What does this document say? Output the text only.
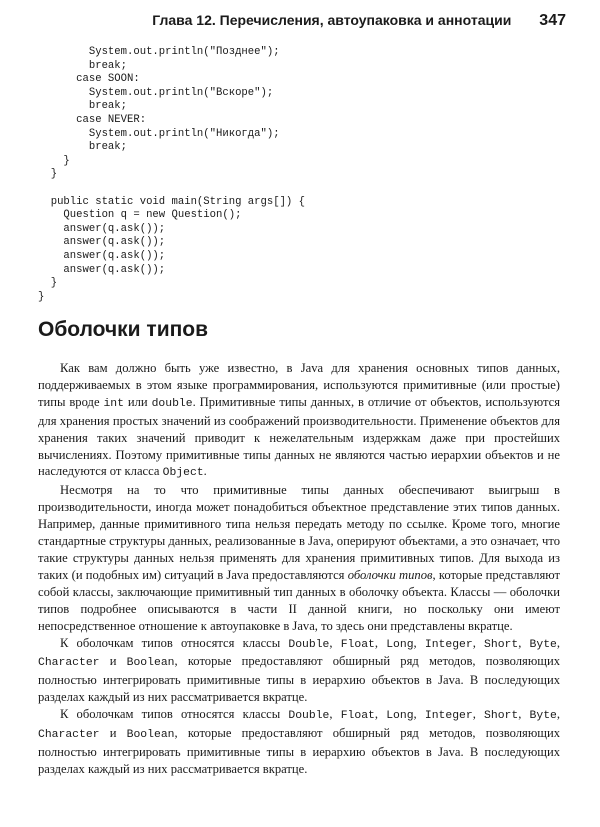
Глава 12. Перечисления, автоупаковка и аннотации 347
System.out.println("Позднее");
break;
case SOON:
System.out.println("Вскоре");
break;
case NEVER:
System.out.println("Никогда");
break;
}
}
public static void main(String args[]) {
Question q = new Question();
answer(q.ask());
answer(q.ask());
answer(q.ask());
answer(q.ask());
}
}
Оболочки типов

Как вам должно быть уже известно, в Java для хранения основных типов данных, поддерживаемых в этом языке программирования, используются примитивные (или простые) типы вроде int или double. Примитивные типы данных, в отличие от объектов, используются для хранения простых значений из соображений производительности. Применение объектов для хранения таких значений приводит к нежелательным издержкам даже при простейших вычислениях. Поэтому примитивные типы данных не являются частью иерархии объектов и не наследуются от класса Object.

Несмотря на то что примитивные типы данных обеспечивают выигрыш в производительности, иногда может понадобиться объектное представление этих типов данных. Например, данные примитивного типа нельзя передать методу по ссылке. Кроме того, многие стандартные структуры данных, реализованные в Java, оперируют объектами, а это означает, что такие структуры данных нельзя применять для хранения примитивных типов. Для выхода из таких (и подобных им) ситуаций в Java предоставляются оболочки типов, которые представляют собой классы, заключающие примитивный тип данных в оболочку объекта. Классы — оболочки типов подробнее описываются в части II данной книги, но поскольку они имеют непосредственное отношение к автоупаковке в Java, то здесь они представлены вкратце.

К оболочкам типов относятся классы Double, Float, Long, Integer, Short, Byte, Character и Boolean, которые предоставляют обширный ряд методов, позволяющих полностью интегрировать примитивные типы в иерархию объектов в Java. В последующих разделах каждый из них рассматривается вкратце.

К оболочкам типов относятся классы Double, Float, Long, Integer, Short, Byte, Character и Boolean, которые предоставляют обширный ряд методов, позволяющих полностью интегрировать примитивные типы в иерархию объектов в Java. В последующих разделах каждый из них рассматривается вкратце.
